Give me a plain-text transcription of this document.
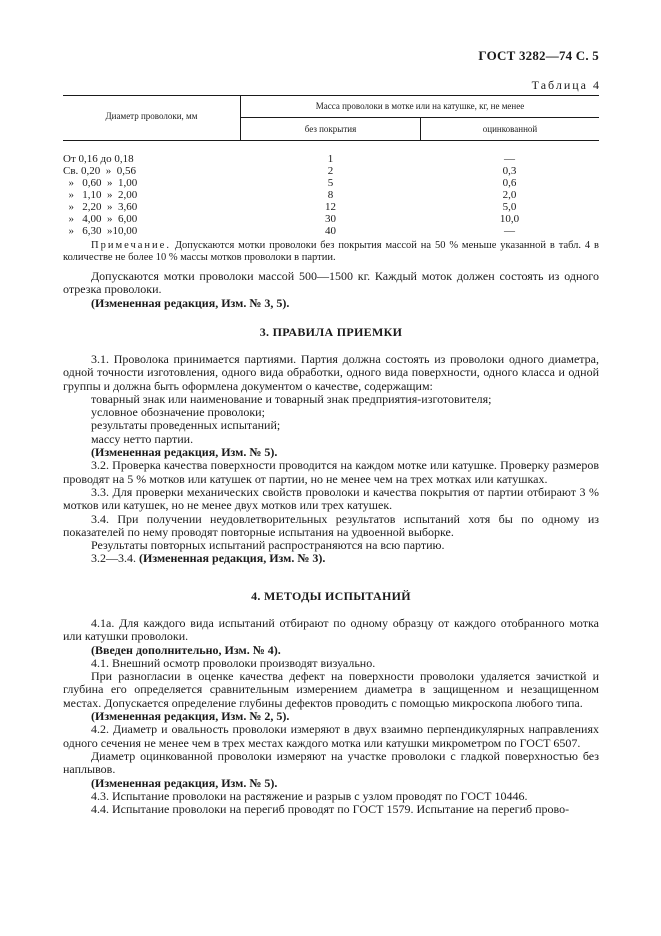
ГОСТ 3282—74 С. 5
Таблица 4
Диаметр проволоки, мм
Масса проволоки в мотке или на катушке, кг, не менее
без покрытия	оцинкованной
От 0,16 до 0,18	1	—
Св. 0,20  »  0,56	2	0,3
»   0,60  »  1,00	5	0,6
»   1,10  »  2,00	8	2,0
»   2,20  »  3,60	12	5,0
»   4,00  »  6,00	30	10,0
»   6,30  »10,00	40	—

Примечание. Допускаются мотки проволоки без покрытия массой на 50 % меньше указанной в табл. 4 в количестве не более 10 % массы мотков проволоки в партии.

Допускаются мотки проволоки массой 500—1500 кг. Каждый моток должен состоять из одного отрезка проволоки.

(Измененная редакция, Изм. № 3, 5).

3. ПРАВИЛА ПРИЕМКИ

3.1. Проволока принимается партиями. Партия должна состоять из проволоки одного диаметра, одной точности изготовления, одного вида обработки, одного вида поверхности, одного класса и одной группы и должна быть оформлена документом о качестве, содержащим:

товарный знак или наименование и товарный знак предприятия-изготовителя;

условное обозначение проволоки;

результаты проведенных испытаний;

массу нетто партии.

(Измененная редакция, Изм. № 5).

3.2. Проверка качества поверхности проводится на каждом мотке или катушке. Проверку размеров проводят на 5 % мотков или катушек от партии, но не менее чем на трех мотках или катушках.

3.3. Для проверки механических свойств проволоки и качества покрытия от партии отбирают 3 % мотков или катушек, но не менее двух мотков или трех катушек.

3.4. При получении неудовлетворительных результатов испытаний хотя бы по одному из показателей по нему проводят повторные испытания на удвоенной выборке.

Результаты повторных испытаний распространяются на всю партию.

3.2—3.4. (Измененная редакция, Изм. № 3).

4. МЕТОДЫ ИСПЫТАНИЙ

4.1а. Для каждого вида испытаний отбирают по одному образцу от каждого отобранного мотка или катушки проволоки.

(Введен дополнительно, Изм. № 4).

4.1. Внешний осмотр проволоки производят визуально.

При разногласии в оценке качества дефект на поверхности проволоки удаляется зачисткой и глубина его определяется сравнительным измерением диаметра в защищенном и незащищенном местах. Допускается определение глубины дефектов проводить с помощью микроскопа любого типа.

(Измененная редакция, Изм. № 2, 5).

4.2. Диаметр и овальность проволоки измеряют в двух взаимно перпендикулярных направлениях одного сечения не менее чем в трех местах каждого мотка или катушки микрометром по ГОСТ 6507.

Диаметр оцинкованной проволоки измеряют на участке проволоки с гладкой поверхностью без наплывов.

(Измененная редакция, Изм. № 5).

4.3. Испытание проволоки на растяжение и разрыв с узлом проводят по ГОСТ 10446.

4.4. Испытание проволоки на перегиб проводят по ГОСТ 1579. Испытание на перегиб прово-
